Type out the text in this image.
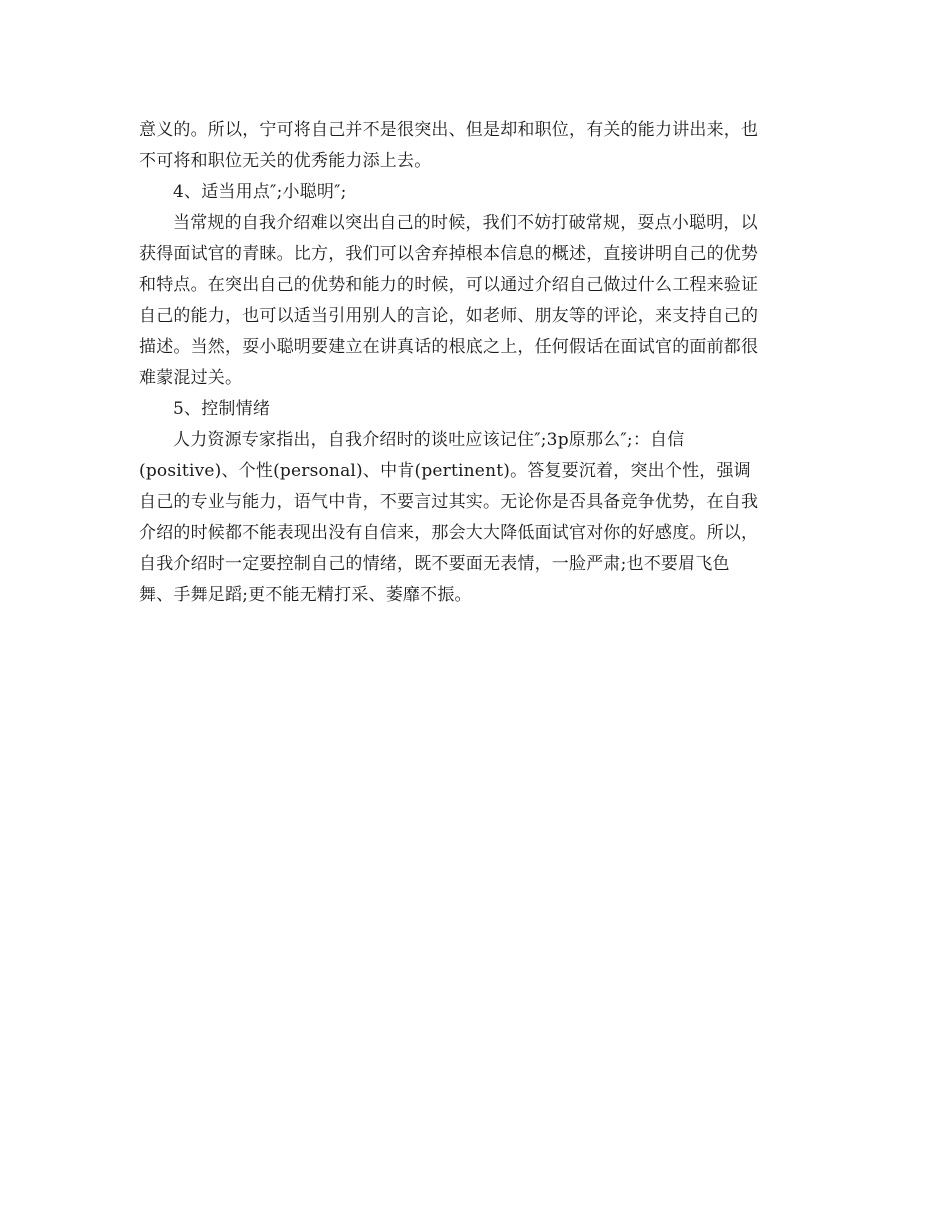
意义的。所以，宁可将自己并不是很突出、但是却和职位，有关的能力讲出来，也
不可将和职位无关的优秀能力添上去。
4、适当用点″;小聪明″;
当常规的自我介绍难以突出自己的时候，我们不妨打破常规，耍点小聪明，以
获得面试官的青睐。比方，我们可以舍弃掉根本信息的概述，直接讲明自己的优势
和特点。在突出自己的优势和能力的时候，可以通过介绍自己做过什么工程来验证
自己的能力，也可以适当引用别人的言论，如老师、朋友等的评论，来支持自己的
描述。当然，耍小聪明要建立在讲真话的根底之上，任何假话在面试官的面前都很
难蒙混过关。
5、控制情绪
人力资源专家指出，自我介绍时的谈吐应该记住″;3p原那么″;：自信
(positive)、个性(personal)、中肯(pertinent)。答复要沉着，突出个性，强调
自己的专业与能力，语气中肯，不要言过其实。无论你是否具备竞争优势，在自我
介绍的时候都不能表现出没有自信来，那会大大降低面试官对你的好感度。所以，
自我介绍时一定要控制自己的情绪，既不要面无表情，一脸严肃;也不要眉飞色
舞、手舞足蹈;更不能无精打采、萎靡不振。
